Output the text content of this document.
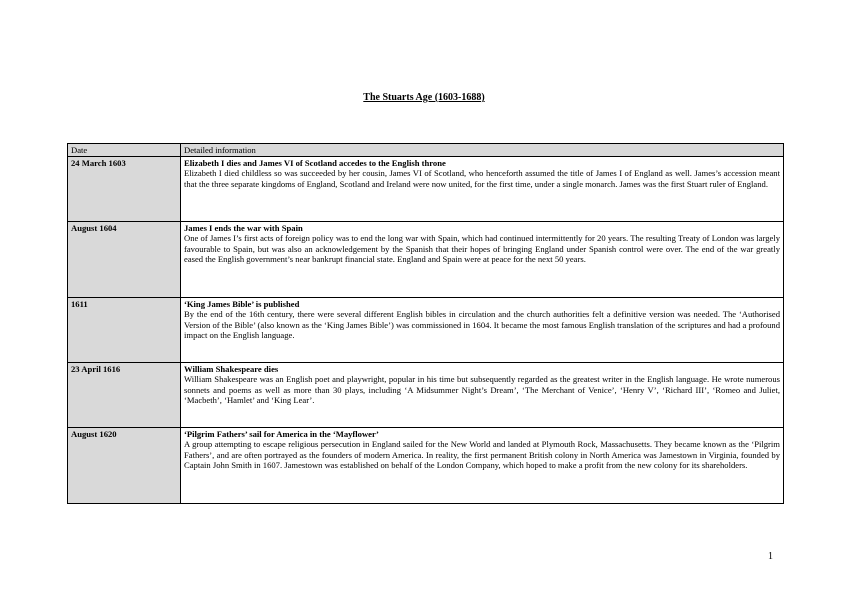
The Stuarts Age (1603-1688)
Date	Detailed information
24 March 1603	Elizabeth I dies and James VI of Scotland accedes to the English throne
Elizabeth I died childless so was succeeded by her cousin, James VI of Scotland, who henceforth assumed the title of James I of England as well. James’s accession meant that the three separate kingdoms of England, Scotland and Ireland were now united, for the first time, under a single monarch. James was the first Stuart ruler of England.

August 1604	James I ends the war with Spain
One of James I’s first acts of foreign policy was to end the long war with Spain, which had continued intermittently for 20 years. The resulting Treaty of London was largely favourable to Spain, but was also an acknowledgement by the Spanish that their hopes of bringing England under Spanish control were over. The end of the war greatly eased the English government’s near bankrupt financial state. England and Spain were at peace for the next 50 years.

1611	‘King James Bible’ is published
By the end of the 16th century, there were several different English bibles in circulation and the church authorities felt a definitive version was needed. The ‘Authorised Version of the Bible’ (also known as the ‘King James Bible’) was commissioned in 1604. It became the most famous English translation of the scriptures and had a profound impact on the English language.

23 April 1616	William Shakespeare dies
William Shakespeare was an English poet and playwright, popular in his time but subsequently regarded as the greatest writer in the English language. He wrote numerous sonnets and poems as well as more than 30 plays, including ‘A Midsummer Night’s Dream’, ‘The Merchant of Venice’, ‘Henry V’, ‘Richard III’, ‘Romeo and Juliet, ‘Macbeth’, ‘Hamlet’ and ‘King Lear’.

August 1620	‘Pilgrim Fathers’ sail for America in the ‘Mayflower’
A group attempting to escape religious persecution in England sailed for the New World and landed at Plymouth Rock, Massachusetts. They became known as the ‘Pilgrim Fathers’, and are often portrayed as the founders of modern America. In reality, the first permanent British colony in North America was Jamestown in Virginia, founded by Captain John Smith in 1607. Jamestown was established on behalf of the London Company, which hoped to make a profit from the new colony for its shareholders.
1
